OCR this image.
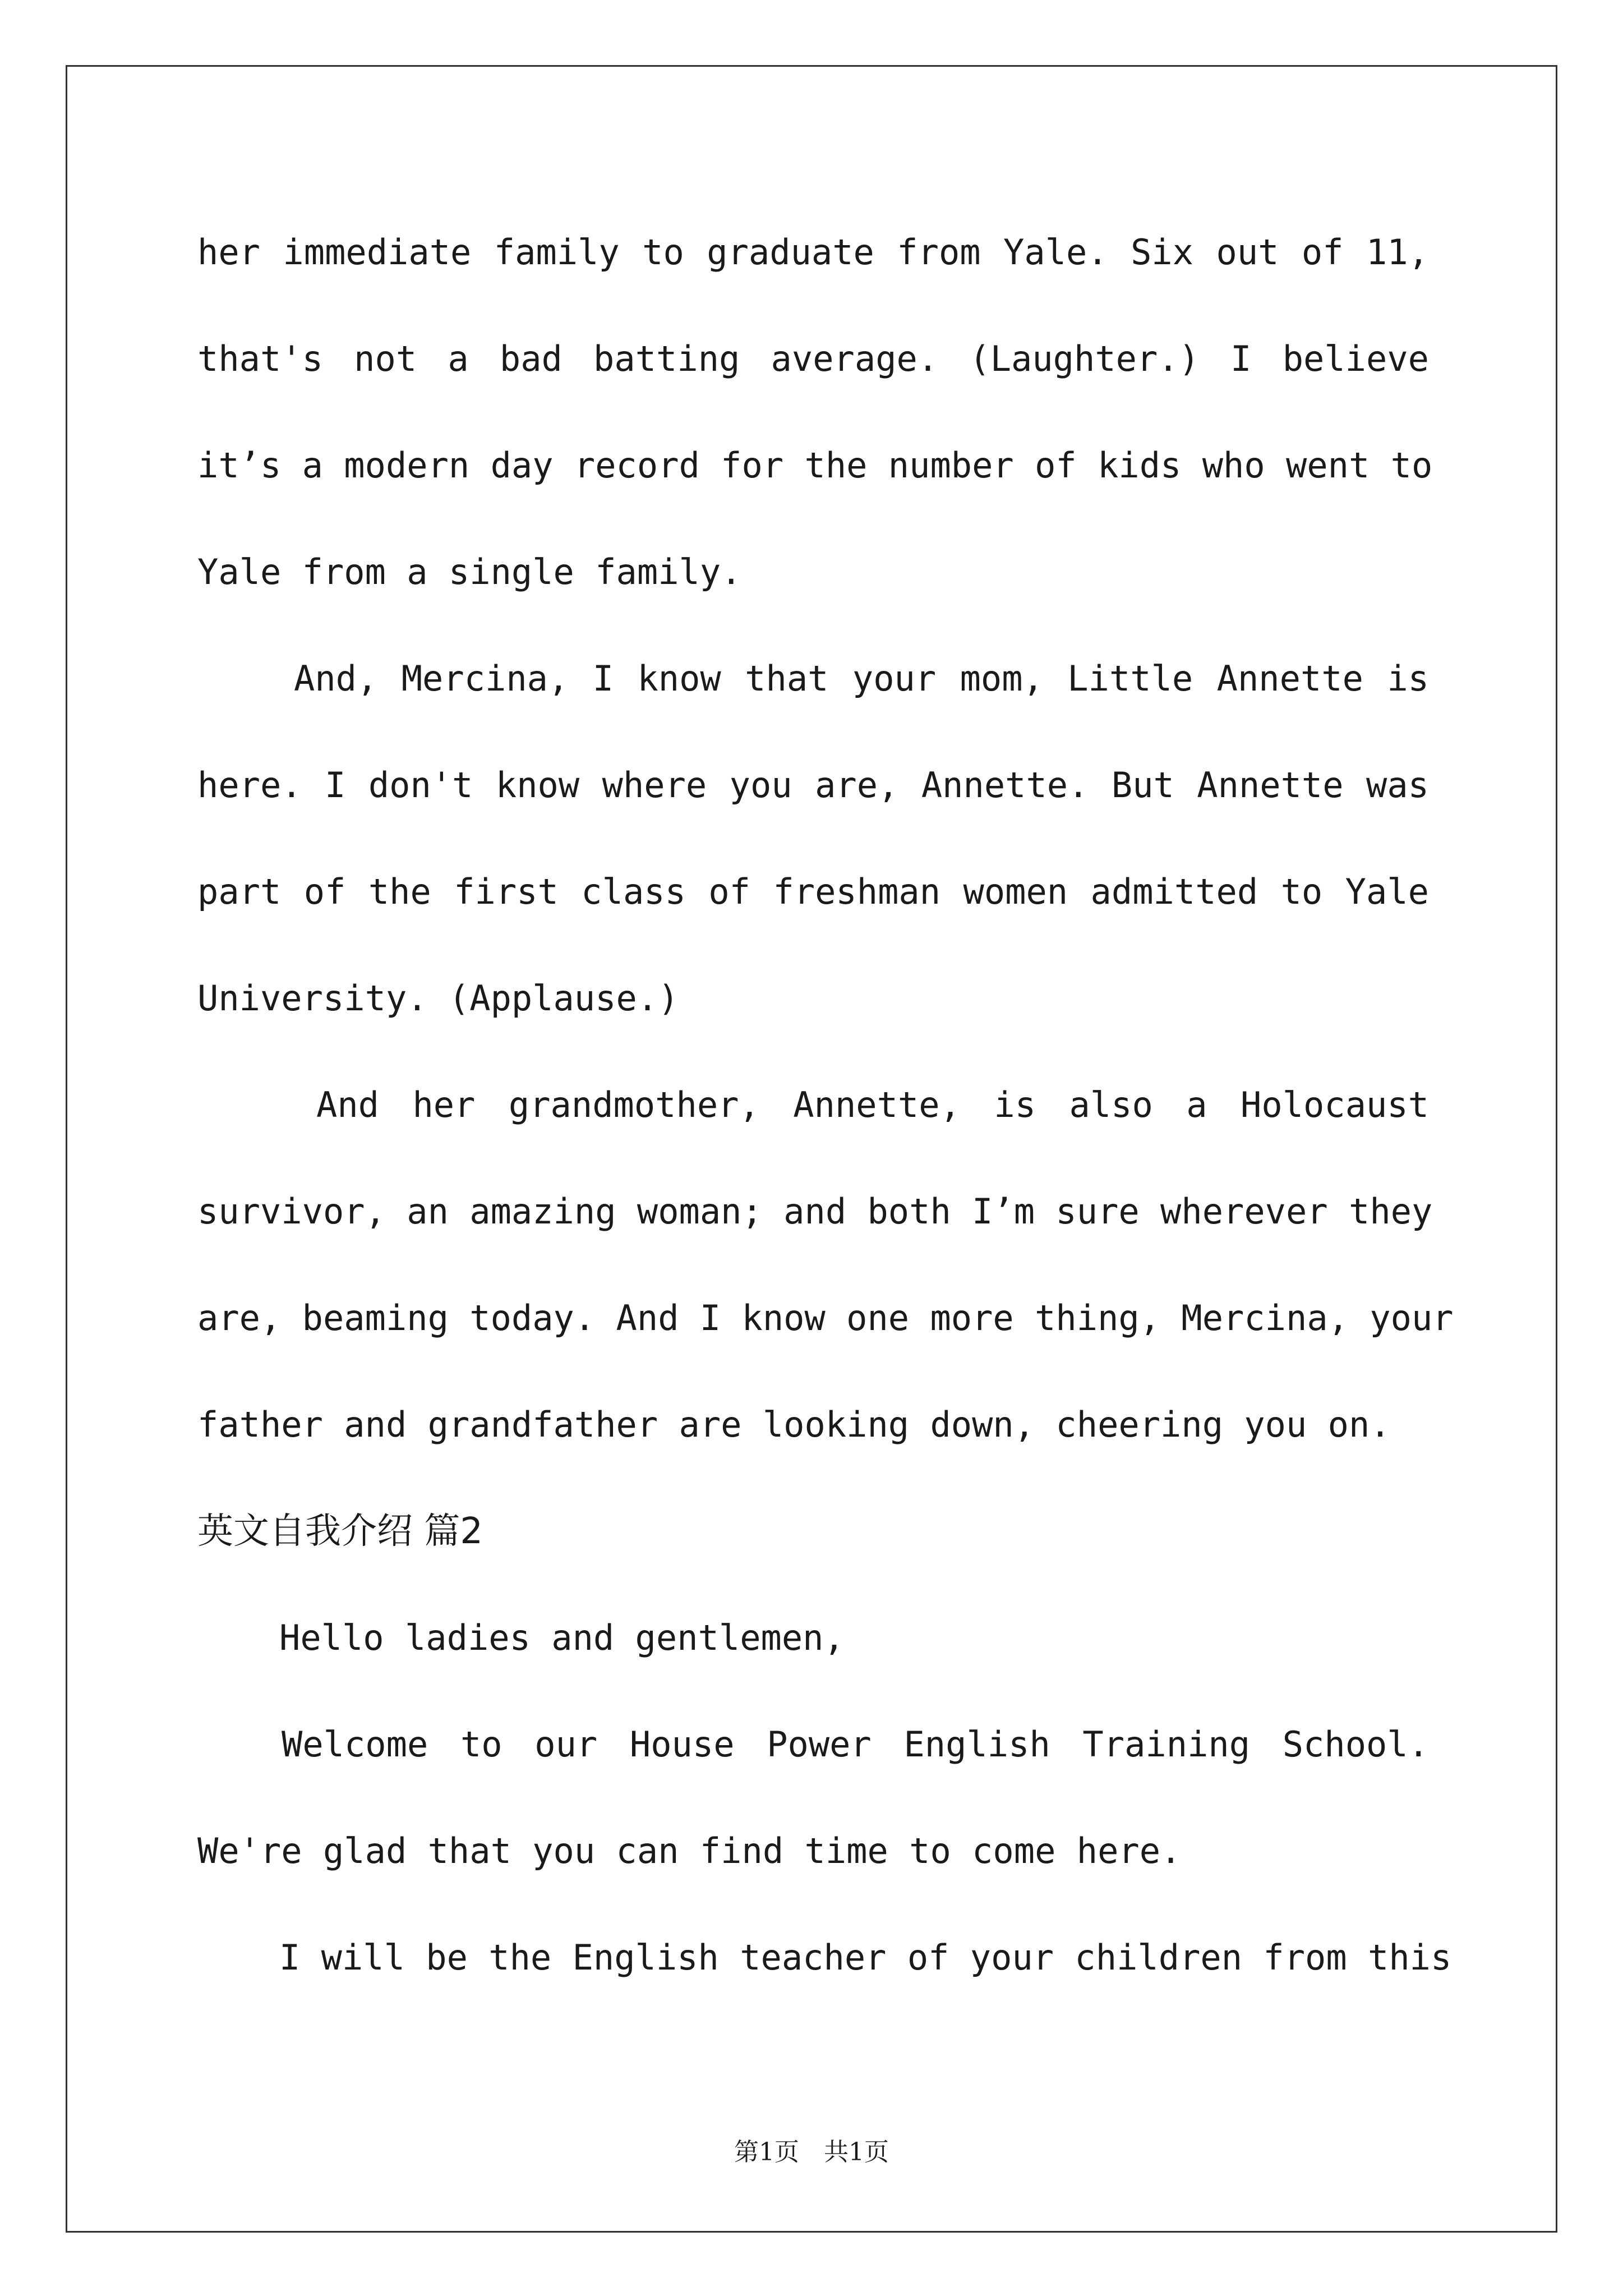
her immediate family to graduate from Yale. Six out of 11,
that's not a bad batting average. (Laughter.) I believe
it’s a modern day record for the number of kids who went to
Yale from a single family.
And, Mercina, I know that your mom, Little Annette is
here. I don't know where you are, Annette. But Annette was
part of the first class of freshman women admitted to Yale
University. (Applause.)
And her grandmother, Annette, is also a Holocaust
survivor, an amazing woman; and both I’m sure wherever they
are, beaming today. And I know one more thing, Mercina, your
father and grandfather are looking down, cheering you on.
英文自我介绍 篇2
Hello ladies and gentlemen,
Welcome to our House Power English Training School.
We're glad that you can find time to come here.
I will be the English teacher of your children from this
第1页　共1页
